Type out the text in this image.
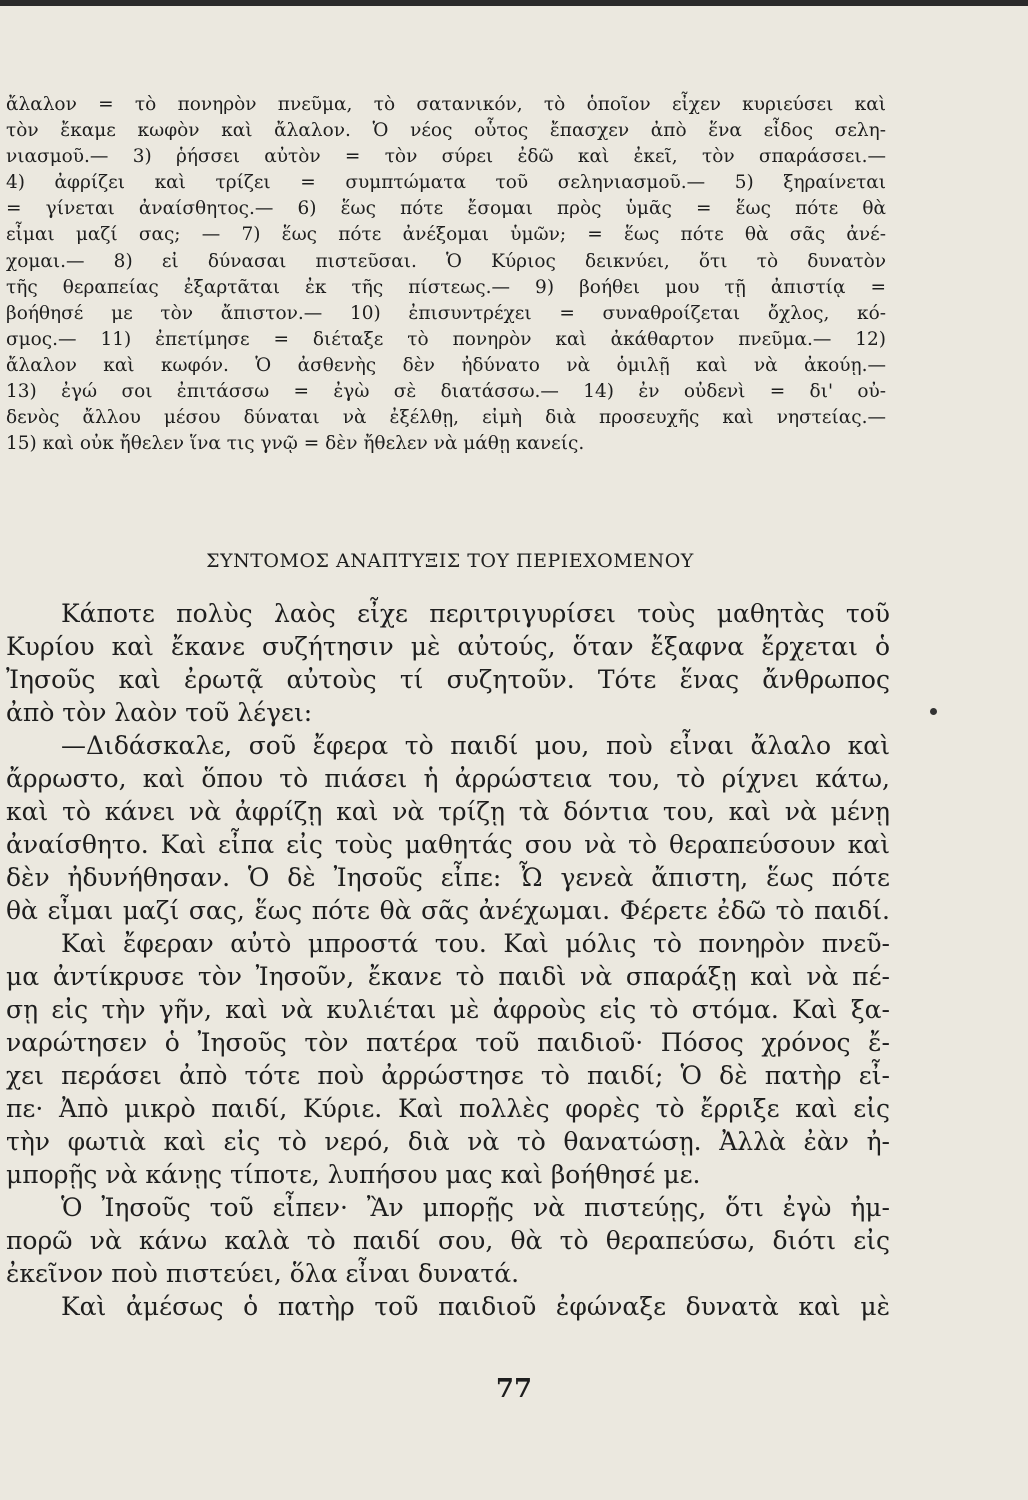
ἄλαλον = τὸ πονηρὸν πνεῦμα, τὸ σατανικόν, τὸ ὁποῖον εἶχεν κυριεύσει καὶ
τὸν ἔκαμε κωφὸν καὶ ἄλαλον. Ὁ νέος οὗτος ἔπασχεν ἀπὸ ἕνα εἶδος σελη-
νιασμοῦ.— 3) ῥήσσει αὐτὸν = τὸν σύρει ἐδῶ καὶ ἐκεῖ, τὸν σπαράσσει.—
4) ἀφρίζει καὶ τρίζει = συμπτώματα τοῦ σεληνιασμοῦ.— 5) ξηραίνεται
= γίνεται ἀναίσθητος.— 6) ἕως πότε ἔσομαι πρὸς ὑμᾶς = ἕως πότε θὰ
εἶμαι μαζί σας; — 7) ἕως πότε ἀνέξομαι ὑμῶν; = ἕως πότε θὰ σᾶς ἀνέ-
χομαι.— 8) εἰ δύνασαι πιστεῦσαι. Ὁ Κύριος δεικνύει, ὅτι τὸ δυνατὸν
τῆς θεραπείας ἐξαρτᾶται ἐκ τῆς πίστεως.— 9) βοήθει μου τῇ ἀπιστίᾳ =
βοήθησέ με τὸν ἄπιστον.— 10) ἐπισυντρέχει = συναθροίζεται ὄχλος, κό-
σμος.— 11) ἐπετίμησε = διέταξε τὸ πονηρὸν καὶ ἀκάθαρτον πνεῦμα.— 12)
ἄλαλον καὶ κωφόν. Ὁ ἀσθενὴς δὲν ἠδύνατο νὰ ὁμιλῇ καὶ νὰ ἀκούῃ.—
13) ἐγώ σοι ἐπιτάσσω = ἐγὼ σὲ διατάσσω.— 14) ἐν οὐδενὶ = δι' οὐ-
δενὸς ἄλλου μέσου δύναται νὰ ἐξέλθῃ, εἰμὴ διὰ προσευχῆς καὶ νηστείας.—
15) καὶ οὐκ ἤθελεν ἵνα τις γνῷ = δὲν ἤθελεν νὰ μάθῃ κανείς.
ΣΥΝΤΟΜΟΣ ΑΝΑΠΤΥΞΙΣ ΤΟΥ ΠΕΡΙΕΧΟΜΕΝΟΥ
Κάποτε πολὺς λαὸς εἶχε περιτριγυρίσει τοὺς μαθητὰς τοῦ
Κυρίου καὶ ἔκανε συζήτησιν μὲ αὐτούς, ὅταν ἔξαφνα ἔρχεται ὁ
Ἰησοῦς καὶ ἐρωτᾷ αὐτοὺς τί συζητοῦν. Τότε ἕνας ἄνθρωπος
ἀπὸ τὸν λαὸν τοῦ λέγει:
—Διδάσκαλε, σοῦ ἔφερα τὸ παιδί μου, ποὺ εἶναι ἄλαλο καὶ
ἄρρωστο, καὶ ὅπου τὸ πιάσει ἡ ἀρρώστεια του, τὸ ρίχνει κάτω,
καὶ τὸ κάνει νὰ ἀφρίζῃ καὶ νὰ τρίζῃ τὰ δόντια του, καὶ νὰ μένῃ
ἀναίσθητο. Καὶ εἶπα εἰς τοὺς μαθητάς σου νὰ τὸ θεραπεύσουν καὶ
δὲν ἠδυνήθησαν. Ὁ δὲ Ἰησοῦς εἶπε: Ὦ γενεὰ ἄπιστη, ἕως πότε
θὰ εἶμαι μαζί σας, ἕως πότε θὰ σᾶς ἀνέχωμαι. Φέρετε ἐδῶ τὸ παιδί.
Καὶ ἔφεραν αὐτὸ μπροστά του. Καὶ μόλις τὸ πονηρὸν πνεῦ-
μα ἀντίκρυσε τὸν Ἰησοῦν, ἔκανε τὸ παιδὶ νὰ σπαράξῃ καὶ νὰ πέ-
σῃ εἰς τὴν γῆν, καὶ νὰ κυλιέται μὲ ἀφροὺς εἰς τὸ στόμα. Καὶ ξα-
ναρώτησεν ὁ Ἰησοῦς τὸν πατέρα τοῦ παιδιοῦ· Πόσος χρόνος ἔ-
χει περάσει ἀπὸ τότε ποὺ ἀρρώστησε τὸ παιδί; Ὁ δὲ πατὴρ εἶ-
πε· Ἀπὸ μικρὸ παιδί, Κύριε. Καὶ πολλὲς φορὲς τὸ ἔρριξε καὶ εἰς
τὴν φωτιὰ καὶ εἰς τὸ νερό, διὰ νὰ τὸ θανατώσῃ. Ἀλλὰ ἐὰν ἠ-
μπορῇς νὰ κάνῃς τίποτε, λυπήσου μας καὶ βοήθησέ με.
Ὁ Ἰησοῦς τοῦ εἶπεν· Ἂν μπορῇς νὰ πιστεύῃς, ὅτι ἐγὼ ἠμ-
πορῶ νὰ κάνω καλὰ τὸ παιδί σου, θὰ τὸ θεραπεύσω, διότι εἰς
ἐκεῖνον ποὺ πιστεύει, ὅλα εἶναι δυνατά.
Καὶ ἀμέσως ὁ πατὴρ τοῦ παιδιοῦ ἐφώναξε δυνατὰ καὶ μὲ
77
